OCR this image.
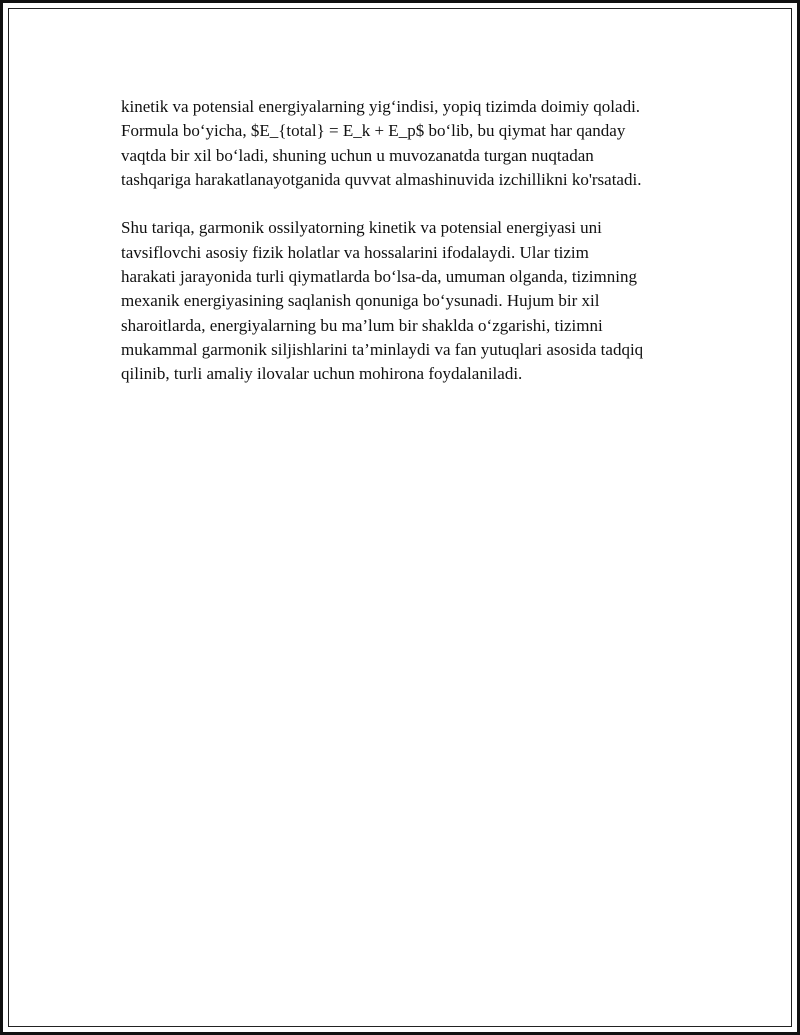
kinetik va potensial energiyalarning yig‘indisi, yopiq tizimda doimiy qoladi.
Formula bo‘yicha, $E_{total} = E_k + E_p$ bo‘lib, bu qiymat har qanday
vaqtda bir xil bo‘ladi, shuning uchun u muvozanatda turgan nuqtadan
tashqariga harakatlanayotganida quvvat almashinuvida izchillikni ko'rsatadi.

Shu tariqa, garmonik ossilyatorning kinetik va potensial energiyasi uni
tavsiflovchi asosiy fizik holatlar va hossalarini ifodalaydi. Ular tizim
harakati jarayonida turli qiymatlarda bo‘lsa-da, umuman olganda, tizimning
mexanik energiyasining saqlanish qonuniga bo‘ysunadi. Hujum bir xil
sharoitlarda, energiyalarning bu ma’lum bir shaklda o‘zgarishi, tizimni
mukammal garmonik siljishlarini ta’minlaydi va fan yutuqlari asosida tadqiq
qilinib, turli amaliy ilovalar uchun mohirona foydalaniladi.
